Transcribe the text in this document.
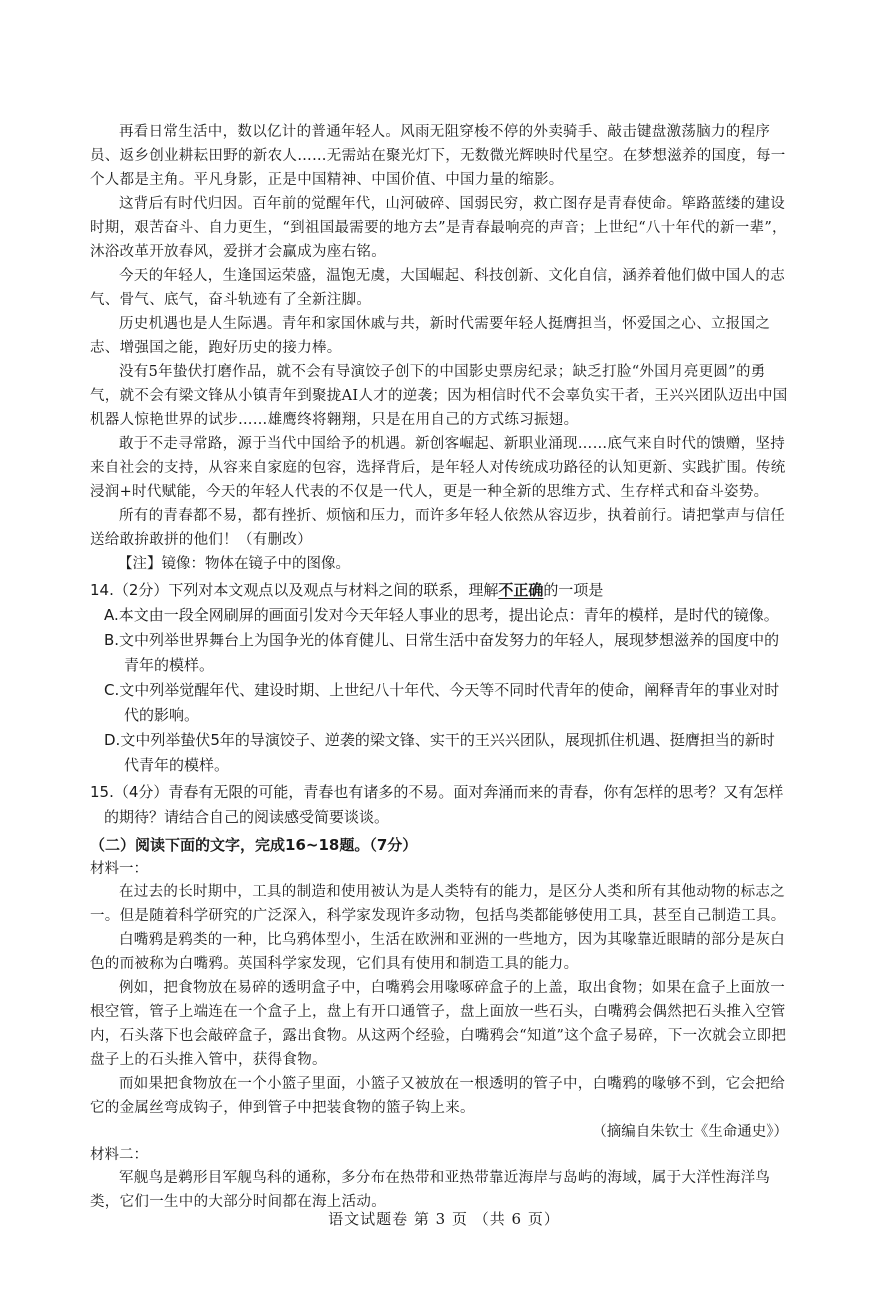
再看日常生活中，数以亿计的普通年轻人。风雨无阻穿梭不停的外卖骑手、敲击键盘激荡脑力的程序员、返乡创业耕耘田野的新农人……无需站在聚光灯下，无数微光辉映时代星空。在梦想滋养的国度，每一个人都是主角。平凡身影，正是中国精神、中国价值、中国力量的缩影。

这背后有时代归因。百年前的觉醒年代，山河破碎、国弱民穷，救亡图存是青春使命。筚路蓝缕的建设时期，艰苦奋斗、自力更生，“到祖国最需要的地方去”是青春最响亮的声音；上世纪“八十年代的新一辈”，沐浴改革开放春风，爱拼才会赢成为座右铭。

今天的年轻人，生逢国运荣盛，温饱无虞，大国崛起、科技创新、文化自信，涵养着他们做中国人的志气、骨气、底气，奋斗轨迹有了全新注脚。

历史机遇也是人生际遇。青年和家国休戚与共，新时代需要年轻人挺膺担当，怀爱国之心、立报国之志、增强国之能，跑好历史的接力棒。

没有5年蛰伏打磨作品，就不会有导演饺子创下的中国影史票房纪录；缺乏打脸“外国月亮更圆”的勇气，就不会有梁文锋从小镇青年到聚拢AI人才的逆袭；因为相信时代不会辜负实干者，王兴兴团队迈出中国机器人惊艳世界的试步……雄鹰终将翱翔，只是在用自己的方式练习振翅。

敢于不走寻常路，源于当代中国给予的机遇。新创客崛起、新职业涌现……底气来自时代的馈赠，坚持来自社会的支持，从容来自家庭的包容，选择背后，是年轻人对传统成功路径的认知更新、实践扩围。传统浸润+时代赋能，今天的年轻人代表的不仅是一代人，更是一种全新的思维方式、生存样式和奋斗姿势。

所有的青春都不易，都有挫折、烦恼和压力，而许多年轻人依然从容迈步，执着前行。请把掌声与信任送给敢拚敢拼的他们！（有删改）

【注】镜像：物体在镜子中的图像。

14.（2分）下列对本文观点以及观点与材料之间的联系，理解不正确的一项是

A.本文由一段全网刷屏的画面引发对今天年轻人事业的思考，提出论点：青年的模样，是时代的镜像。

B.文中列举世界舞台上为国争光的体育健儿、日常生活中奋发努力的年轻人，展现梦想滋养的国度中的青年的模样。

C.文中列举觉醒年代、建设时期、上世纪八十年代、今天等不同时代青年的使命，阐释青年的事业对时代的影响。

D.文中列举蛰伏5年的导演饺子、逆袭的梁文锋、实干的王兴兴团队，展现抓住机遇、挺膺担当的新时代青年的模样。

15.（4分）青春有无限的可能，青春也有诸多的不易。面对奔涌而来的青春，你有怎样的思考？又有怎样的期待？请结合自己的阅读感受简要谈谈。

（二）阅读下面的文字，完成16~18题。（7分）

材料一：

在过去的长时期中，工具的制造和使用被认为是人类特有的能力，是区分人类和所有其他动物的标志之一。但是随着科学研究的广泛深入，科学家发现许多动物，包括鸟类都能够使用工具，甚至自己制造工具。

白嘴鸦是鸦类的一种，比乌鸦体型小，生活在欧洲和亚洲的一些地方，因为其喙靠近眼睛的部分是灰白色的而被称为白嘴鸦。英国科学家发现，它们具有使用和制造工具的能力。

例如，把食物放在易碎的透明盒子中，白嘴鸦会用喙啄碎盒子的上盖，取出食物；如果在盒子上面放一根空管，管子上端连在一个盒子上，盘上有开口通管子，盘上面放一些石头，白嘴鸦会偶然把石头推入空管内，石头落下也会敲碎盒子，露出食物。从这两个经验，白嘴鸦会“知道”这个盒子易碎，下一次就会立即把盘子上的石头推入管中，获得食物。

而如果把食物放在一个小篮子里面，小篮子又被放在一根透明的管子中，白嘴鸦的喙够不到，它会把给它的金属丝弯成钩子，伸到管子中把装食物的篮子钩上来。

（摘编自朱钦士《生命通史》）

材料二：

军舰鸟是鹈形目军舰鸟科的通称，多分布在热带和亚热带靠近海岸与岛屿的海域，属于大洋性海洋鸟类，它们一生中的大部分时间都在海上活动。

语文试题卷 第 3 页 （共 6 页）
